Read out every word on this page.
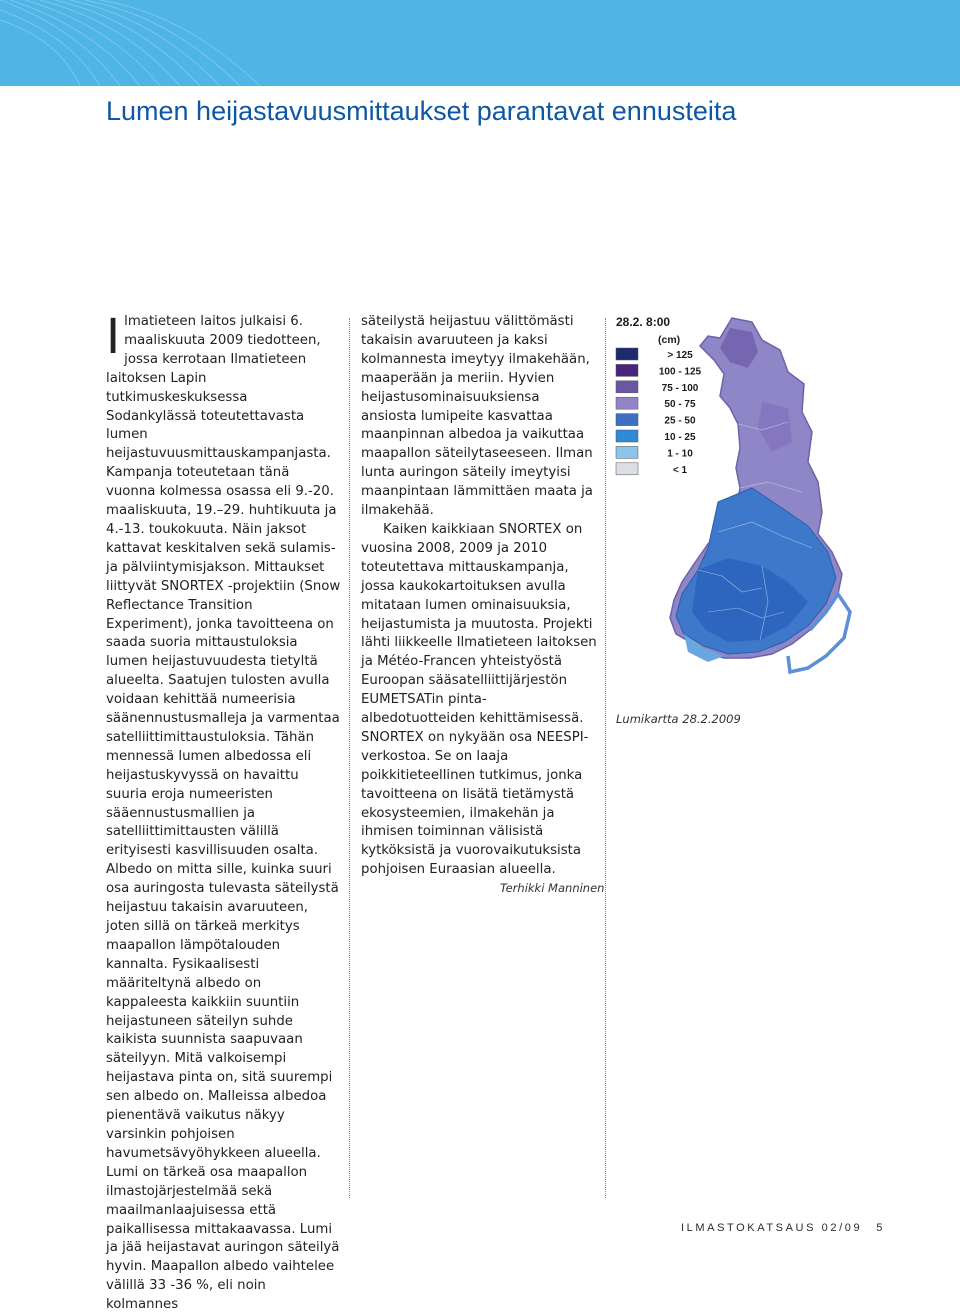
Lumen heijastavuusmittaukset parantavat ennusteita
I lmatieteen laitos julkaisi 6. maaliskuuta 2009 tiedotteen, jossa kerrotaan Ilmatieteen laitoksen Lapin tutkimuskeskuksessa Sodankylässä toteutettavasta lumen heijastuvuusmittauskampanjasta. Kampanja toteutetaan tänä vuonna kolmessa osassa eli 9.-20. maaliskuuta, 19.–29. huhtikuuta ja 4.-13. toukokuuta. Näin jaksot kattavat keskitalven sekä sulamis- ja pälviintymisjakson. Mittaukset liittyvät SNORTEX -projektiin (Snow Reflectance Transition Experiment), jonka tavoitteena on saada suoria mittaustuloksia lumen heijastuvuudesta tietyltä alueelta. Saatujen tulosten avulla voidaan kehittää numeerisia säänennustusmalleja ja varmentaa satelliittimittaustuloksia. Tähän mennessä lumen albedossa eli heijastuskyvyssä on havaittu suuria eroja numeeristen sääennustusmallien ja satelliittimittausten välillä erityisesti kasvillisuuden osalta. Albedo on mitta sille, kuinka suuri osa auringosta tulevasta säteilystä heijastuu takaisin avaruuteen, joten sillä on tärkeä merkitys maapallon lämpötalouden kannalta. Fysikaalisesti määriteltynä albedo on kappaleesta kaikkiin suuntiin heijastuneen säteilyn suhde kaikista suunnista saapuvaan säteilyyn. Mitä valkoisempi heijastava pinta on, sitä suurempi sen albedo on. Malleissa albedoa pienentävä vaikutus näkyy varsinkin pohjoisen havumetsävyöhykkeen alueella. Lumi on tärkeä osa maapallon ilmastojärjestelmää sekä maailmanlaajuisessa että paikallisessa mittakaavassa. Lumi ja jää heijastavat auringon säteilyä hyvin. Maapallon albedo vaihtelee välillä 33 -36 %, eli noin kolmannes

säteilystä heijastuu välittömästi takaisin avaruuteen ja kaksi kolmannesta imeytyy ilmakehään, maaperään ja meriin. Hyvien heijastusominaisuuksiensa ansiosta lumipeite kasvattaa maanpinnan albedoa ja vaikuttaa maapallon säteilytaseeseen. Ilman lunta auringon säteily imeytyisi maanpintaan lämmittäen maata ja ilmakehää.

Kaiken kaikkiaan SNORTEX on vuosina 2008, 2009 ja 2010 toteutettava mittauskampanja, jossa kaukokartoituksen avulla mitataan lumen ominaisuuksia, heijastumista ja muutosta. Projekti lähti liikkeelle Ilmatieteen laitoksen ja Météo-Francen yhteistyöstä Euroopan sääsatelliittijärjestön EUMETSATin pinta-albedotuotteiden kehittämisessä. SNORTEX on nykyään osa NEESPI-verkostoa. Se on laaja poikkitieteellinen tutkimus, jonka tavoitteena on lisätä tietämystä ekosysteemien, ilmakehän ja ihmisen toiminnan välisistä kytköksistä ja vuorovaikutuksista pohjoisen Euraasian alueella.

Terhikki Manninen
28.2. 8:00
(cm)
> 125
100 - 125
75 - 100
50 - 75
25 - 50
10 - 25
1 - 10
< 1
Lumikartta 28.2.2009
ILMASTOKATSAUS 02/09 5
